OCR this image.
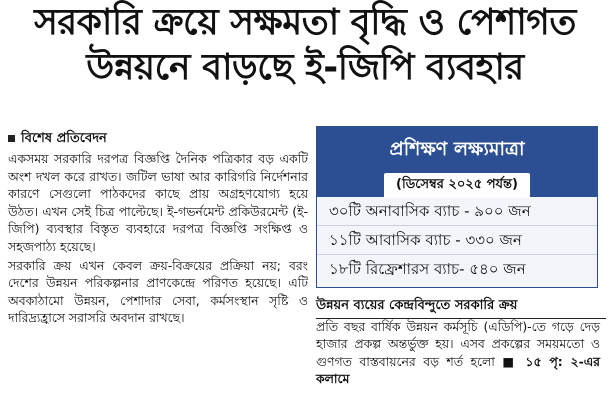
সরকারি ক্রয়ে সক্ষমতা বৃদ্ধি ও পেশাগত
উন্নয়নে বাড়ছে ই-জিপি ব্যবহার
বিশেষ প্রতিবেদন

একসময় সরকারি দরপত্র বিজ্ঞপ্তি দৈনিক পত্রিকার বড় একটি অংশ দখল করে রাখত। জটিল ভাষা আর কারিগরি নির্দেশনার কারণে সেগুলো পাঠকদের কাছে প্রায় অগ্রহণযোগ্য হয়ে উঠত। এখন সেই চিত্র পাল্টেছে। ই-গভর্নমেন্ট প্রকিউরমেন্ট (ই-জিপি) ব্যবস্থার বিস্তৃত ব্যবহারে দরপত্র বিজ্ঞপ্তি সংক্ষিপ্ত ও সহজপাঠ্য হয়েছে।

সরকারি ক্রয় এখন কেবল ক্রয়-বিক্রয়ের প্রক্রিয়া নয়; বরং দেশের উন্নয়ন পরিকল্পনার প্রাণকেন্দ্রে পরিণত হয়েছে। এটি অবকাঠামো উন্নয়ন, পেশাদার সেবা, কর্মসংস্থান সৃষ্টি ও দারিদ্র্যহ্রাসে সরাসরি অবদান রাখছে।

প্রশিক্ষণ লক্ষ্যমাত্রা
(ডিসেম্বর ২০২৫ পর্যন্ত)
৩০টি অনাবাসিক ব্যাচ - ৯০০ জন
১১টি আবাসিক ব্যাচ - ৩৩০ জন
১৮টি রিফ্রেশারস ব্যাচ- ৫৪০ জন
উন্নয়ন ব্যয়ের কেন্দ্রবিন্দুতে সরকারি ক্রয়
প্রতি বছর বার্ষিক উন্নয়ন কর্মসূচি (এডিপি)-তে গড়ে দেড় হাজার প্রকল্প অন্তর্ভুক্ত হয়। এসব প্রকল্পের সময়মতো ও গুণগত বাস্তবায়নের বড় শর্ত হলো ■ ১৫ পৃ: ২-এর কলামে
